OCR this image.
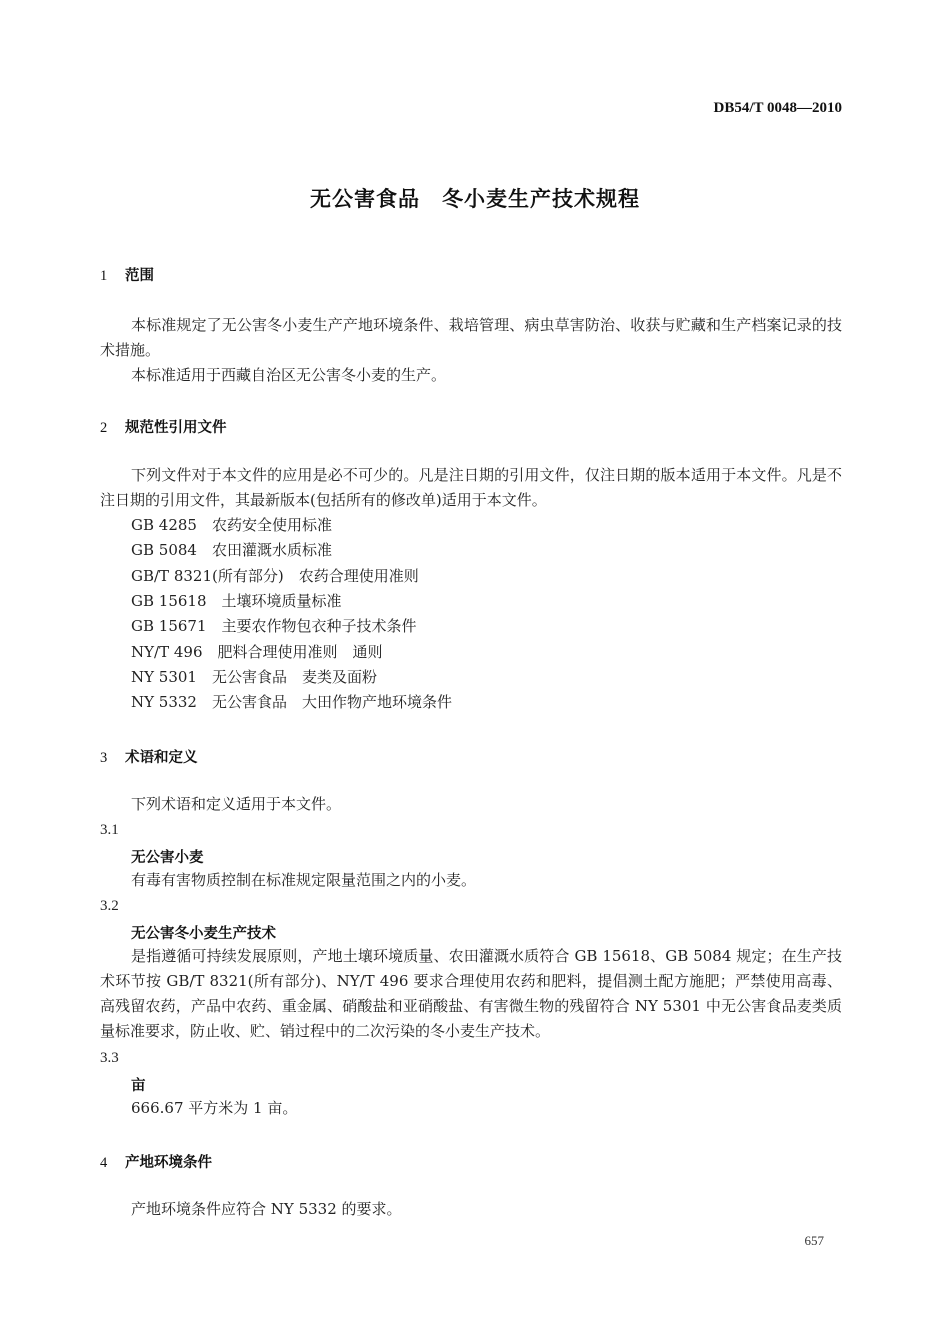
DB54/T 0048—2010
无公害食品　冬小麦生产技术规程
1 范围

本标准规定了无公害冬小麦生产产地环境条件、栽培管理、病虫草害防治、收获与贮藏和生产档案记录的技术措施。

本标准适用于西藏自治区无公害冬小麦的生产。

2 规范性引用文件

下列文件对于本文件的应用是必不可少的。凡是注日期的引用文件，仅注日期的版本适用于本文件。凡是不注日期的引用文件，其最新版本(包括所有的修改单)适用于本文件。

GB 4285　农药安全使用标准
GB 5084　农田灌溉水质标准
GB/T 8321(所有部分)　农药合理使用准则
GB 15618　土壤环境质量标准
GB 15671　主要农作物包衣种子技术条件
NY/T 496　肥料合理使用准则　通则
NY 5301　无公害食品　麦类及面粉
NY 5332　无公害食品　大田作物产地环境条件
3 术语和定义
下列术语和定义适用于本文件。
3.1
无公害小麦
有毒有害物质控制在标准规定限量范围之内的小麦。
3.2
无公害冬小麦生产技术

是指遵循可持续发展原则，产地土壤环境质量、农田灌溉水质符合 GB 15618、GB 5084 规定；在生产技术环节按 GB/T 8321(所有部分)、NY/T 496 要求合理使用农药和肥料，提倡测土配方施肥；严禁使用高毒、高残留农药，产品中农药、重金属、硝酸盐和亚硝酸盐、有害微生物的残留符合 NY 5301 中无公害食品麦类质量标准要求，防止收、贮、销过程中的二次污染的冬小麦生产技术。

3.3
亩
666.67 平方米为 1 亩。
4 产地环境条件
产地环境条件应符合 NY 5332 的要求。
657
